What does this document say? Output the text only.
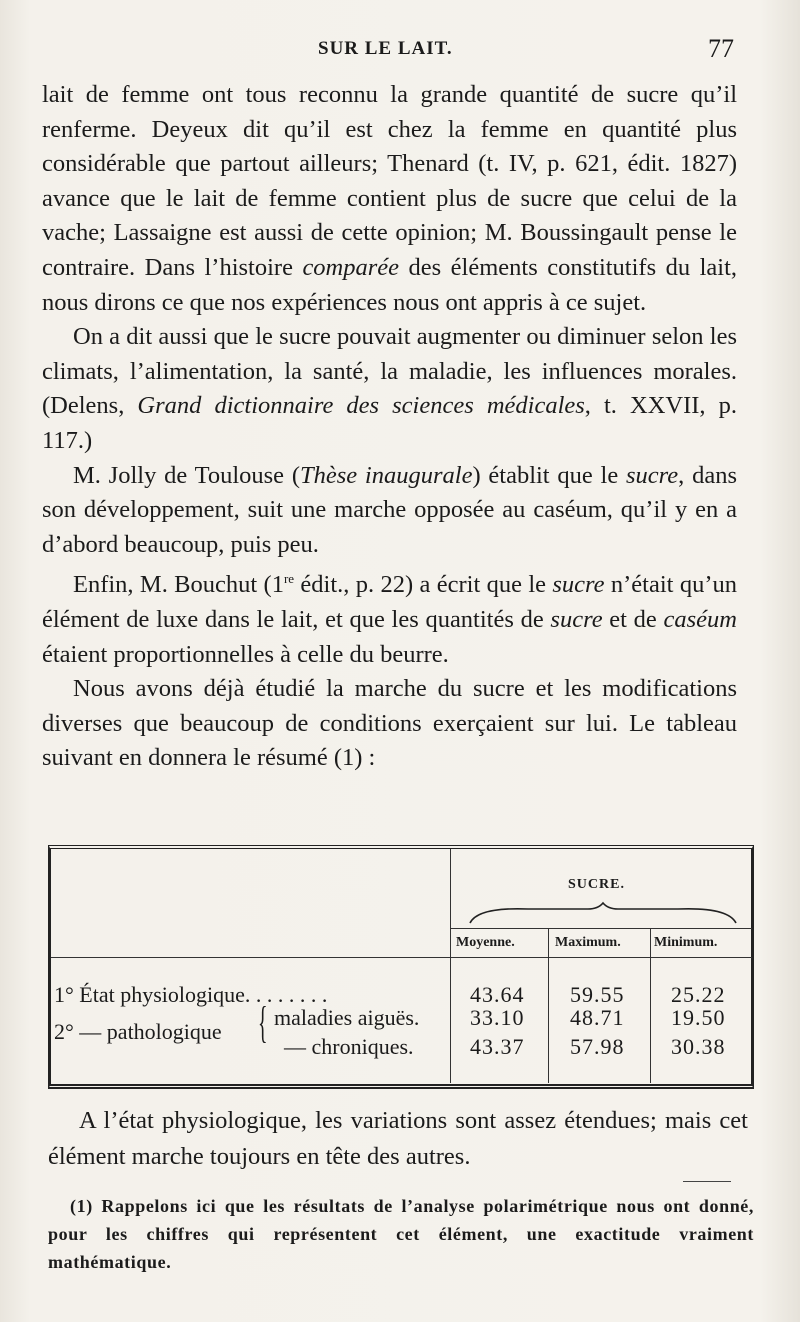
SUR LE LAIT.	77

lait de femme ont tous reconnu la grande quantité de sucre qu’il renferme. Deyeux dit qu’il est chez la femme en quantité plus considérable que partout ailleurs; Thenard (t. IV, p. 621, édit. 1827) avance que le lait de femme contient plus de sucre que celui de la vache; Lassaigne est aussi de cette opinion; M. Boussingault pense le contraire. Dans l’histoire comparée des éléments constitutifs du lait, nous dirons ce que nos expériences nous ont appris à ce sujet.

On a dit aussi que le sucre pouvait augmenter ou diminuer selon les climats, l’alimentation, la santé, la maladie, les influences morales. (Delens, Grand dictionnaire des sciences médicales, t. XXVII, p. 117.)

M. Jolly de Toulouse (Thèse inaugurale) établit que le sucre, dans son développement, suit une marche opposée au caséum, qu’il y en a d’abord beaucoup, puis peu.

Enfin, M. Bouchut (1re édit., p. 22) a écrit que le sucre n’était qu’un élément de luxe dans le lait, et que les quantités de sucre et de caséum étaient proportionnelles à celle du beurre.

Nous avons déjà étudié la marche du sucre et les modifications diverses que beaucoup de conditions exerçaient sur lui. Le tableau suivant en donnera le résumé (1) :

SUCRE.
Moyenne.	Maximum. Minimum.
1° État physiologique. . . . . . . .	43.64 59.55 25.22
2° — pathologique { maladies aiguës. 33.10 48.71 19.50
— chroniques.	43.37 57.98 30.38

A l’état physiologique, les variations sont assez étendues; mais cet élément marche toujours en tête des autres.

(1) Rappelons ici que les résultats de l’analyse polarimétrique nous ont donné, pour les chiffres qui représentent cet élément, une exactitude vraiment mathématique.
